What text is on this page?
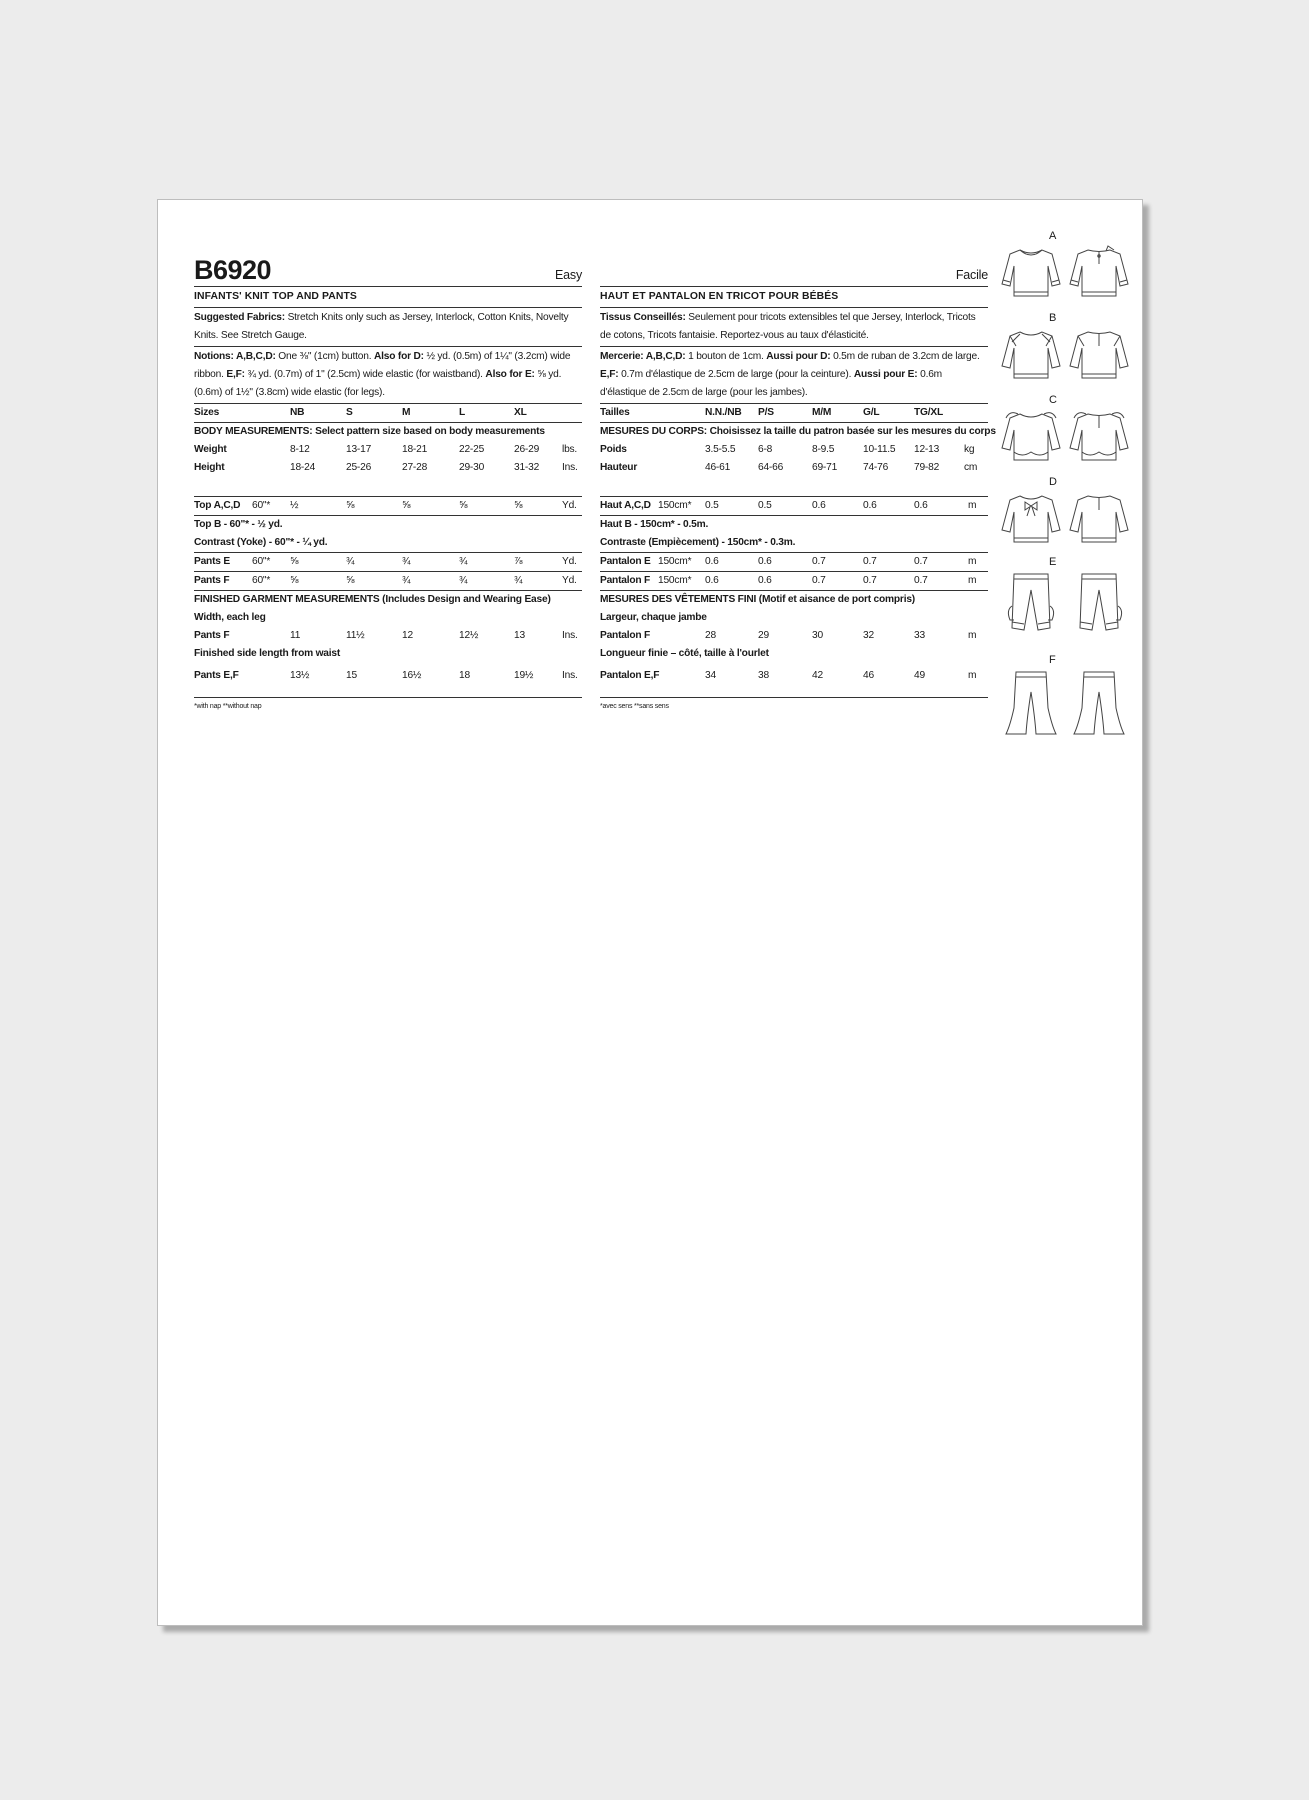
B6920	Easy
INFANTS' KNIT TOP AND PANTS
Suggested Fabrics: Stretch Knits only such as Jersey, Interlock, Cotton Knits, Novelty Knits. See Stretch Gauge.
Notions: A,B,C,D: One ⅜" (1cm) button. Also for D: ½ yd. (0.5m) of 1¼" (3.2cm) wide ribbon. E,F: ¾ yd. (0.7m) of 1" (2.5cm) wide elastic (for waistband). Also for E: ⅝ yd. (0.6m) of 1½" (3.8cm) wide elastic (for legs).
Sizes	NB	S	M	L	XL
BODY MEASUREMENTS: Select pattern size based on body measurements
Weight	8-12	13-17	18-21	22-25	26-29 lbs.
Height	18-24	25-26	27-28	29-30	31-32 Ins.
Top A,C,D 60"* ½	⅝	⅝	⅝	⅝	Yd.
Top B - 60"* - ½ yd.
Contrast (Yoke) - 60"* - ¼ yd.
Pants E 60"* ⅝	¾	¾	¾	⅞	Yd.
Pants F 60"* ⅝	⅝	¾	¾	¾	Yd.
FINISHED GARMENT MEASUREMENTS (Includes Design and Wearing Ease)
Width, each leg
Pants F	11	11½	12	12½	13	Ins.
Finished side length from waist
Pants E,F	13½	15	16½	18	19½	Ins.
*with nap **without nap
Facile
HAUT ET PANTALON EN TRICOT POUR BÉBÉS
Tissus Conseillés: Seulement pour tricots extensibles tel que Jersey, Interlock, Tricots de cotons, Tricots fantaisie. Reportez-vous au taux d'élasticité.
Mercerie: A,B,C,D: 1 bouton de 1cm. Aussi pour D: 0.5m de ruban de 3.2cm de large. E,F: 0.7m d'élastique de 2.5cm de large (pour la ceinture). Aussi pour E: 0.6m d'élastique de 2.5cm de large (pour les jambes).
Tailles	N.N./NB P/S	M/M	G/L	TG/XL
MESURES DU CORPS: Choisissez la taille du patron basée sur les mesures du corps
Poids	3.5-5.5 6-8	8-9.5	10-11.5 12-13 kg
Hauteur	46-61	64-66	69-71	74-76	79-82 cm
Haut A,C,D 150cm* 0.5	0.5	0.6	0.6	0.6	m
Haut B - 150cm* - 0.5m.
Contraste (Empiècement) - 150cm* - 0.3m.
Pantalon E 150cm* 0.6	0.6	0.7	0.7	0.7	m
Pantalon F 150cm* 0.6	0.6	0.7	0.7	0.7	m
MESURES DES VÊTEMENTS FINI (Motif et aisance de port compris)
Largeur, chaque jambe
Pantalon F	28	29	30	32	33	m
Longueur finie – côté, taille à l'ourlet
Pantalon E,F	34	38	42	46	49	m
*avec sens **sans sens
A
B
C
D
E
F
